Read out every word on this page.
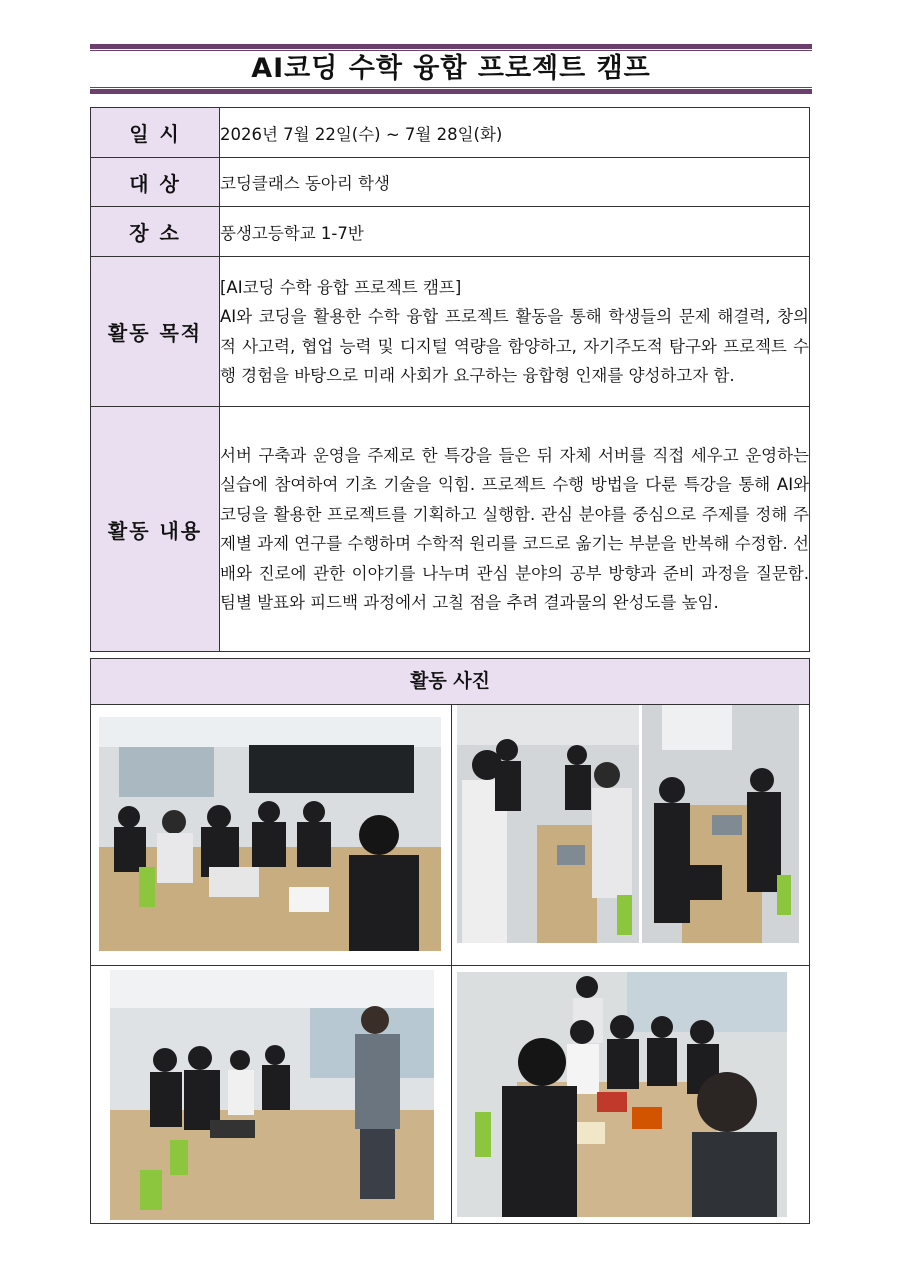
AI코딩 수학 융합 프로젝트 캠프
일 시	2026년 7월 22일(수) ~ 7월 28일(화)
대 상	코딩클래스 동아리 학생
장 소	풍생고등학교 1-7반
활동 목적	[AI코딩 수학 융합 프로젝트 캠프]
AI와 코딩을 활용한 수학 융합 프로젝트 활동을 통해 학생들의 문제 해결력, 창의적 사고력, 협업 능력 및 디지털 역량을 함양하고, 자기주도적 탐구와 프로젝트 수행 경험을 바탕으로 미래 사회가 요구하는 융합형 인재를 양성하고자 함.

활동 내용	서버 구축과 운영을 주제로 한 특강을 들은 뒤 자체 서버를 직접 세우고 운영하는 실습에 참여하여 기초 기술을 익힘. 프로젝트 수행 방법을 다룬 특강을 통해 AI와 코딩을 활용한 프로젝트를 기획하고 실행함. 관심 분야를 중심으로 주제를 정해 주제별 과제 연구를 수행하며 수학적 원리를 코드로 옮기는 부분을 반복해 수정함. 선배와 진로에 관한 이야기를 나누며 관심 분야의 공부 방향과 준비 과정을 질문함. 팀별 발표와 피드백 과정에서 고칠 점을 추려 결과물의 완성도를 높임.
활동 사진
